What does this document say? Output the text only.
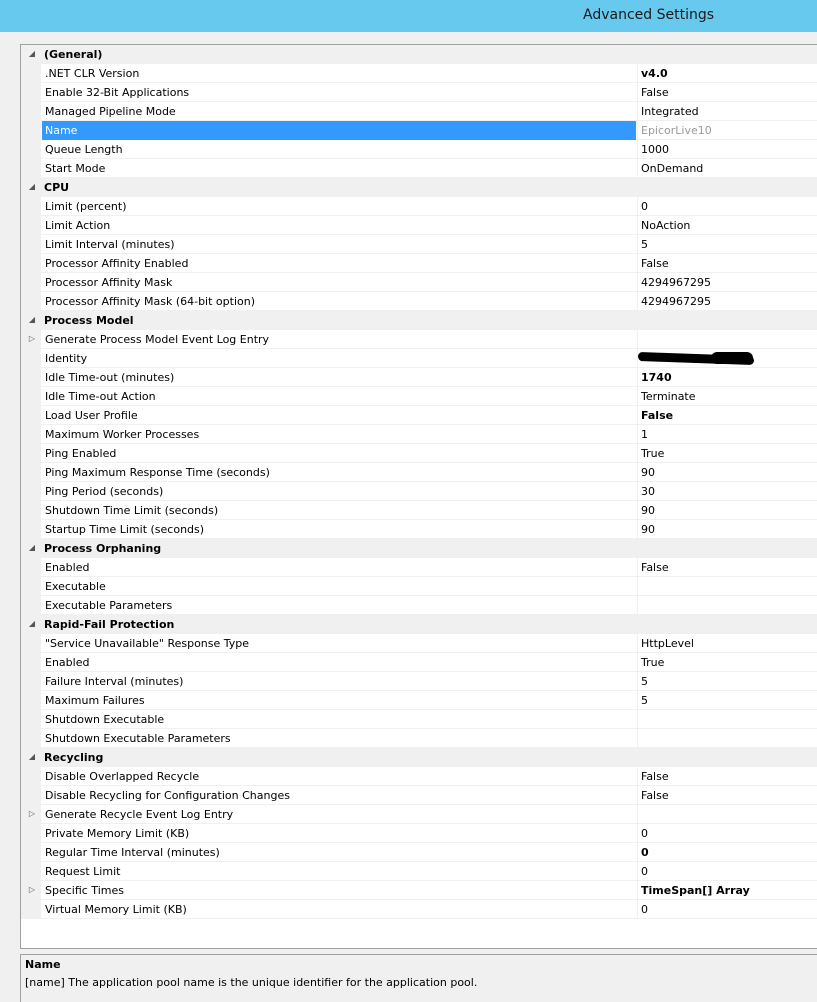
Advanced Settings
◢ (General)
.NET CLR Version	v4.0
Enable 32-Bit Applications	False
Managed Pipeline Mode	Integrated
Name	EpicorLive10
Queue Length	1000
Start Mode	OnDemand
◢ CPU
Limit (percent)	0
Limit Action	NoAction
Limit Interval (minutes)	5
Processor Affinity Enabled	False
Processor Affinity Mask	4294967295
Processor Affinity Mask (64-bit option)	4294967295
◢ Process Model
▷ Generate Process Model Event Log Entry
Identity
Idle Time-out (minutes)	1740
Idle Time-out Action	Terminate
Load User Profile	False
Maximum Worker Processes	1
Ping Enabled	True
Ping Maximum Response Time (seconds)	90
Ping Period (seconds)	30
Shutdown Time Limit (seconds)	90
Startup Time Limit (seconds)	90
◢ Process Orphaning
Enabled	False
Executable
Executable Parameters
◢ Rapid-Fail Protection
"Service Unavailable" Response Type	HttpLevel
Enabled	True
Failure Interval (minutes)	5
Maximum Failures	5
Shutdown Executable
Shutdown Executable Parameters
◢ Recycling
Disable Overlapped Recycle	False
Disable Recycling for Configuration Changes	False
▷ Generate Recycle Event Log Entry
Private Memory Limit (KB)	0
Regular Time Interval (minutes)	0
Request Limit	0
▷ Specific Times	TimeSpan[] Array
Virtual Memory Limit (KB)	0
Name
[name] The application pool name is the unique identifier for the application pool.
